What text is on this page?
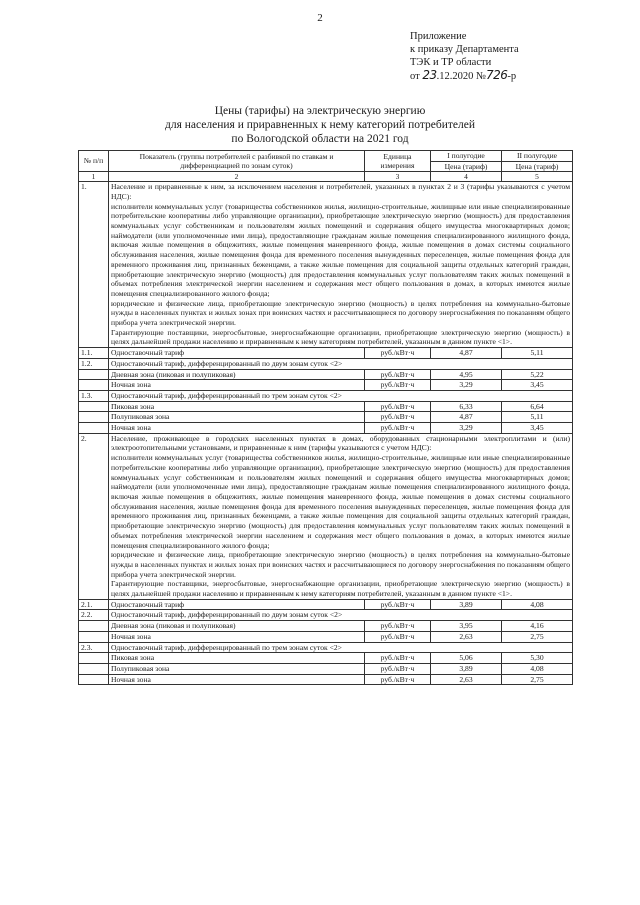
2
Приложение
к приказу Департамента
ТЭК и ТР области
от 23.12.2020 №726-р
Цены (тарифы) на электрическую энергию
для населения и приравненных к нему категорий потребителей
по Вологодской области на 2021 год
№ п/п	Показатель (группы потребителей с разбивкой по ставкам и дифференциацией по зонам суток)	Единица измерения	I полугодие	II полугодие
			Цена (тариф)	Цена (тариф)
1	2	3	4	5
1.	Население и приравненные к ним, за исключением населения и потребителей, указанных в пунктах 2 и 3 (тарифы указываются с учетом НДС):
исполнители коммунальных услуг (товарищества собственников жилья, жилищно-строительные, жилищные или иные специализированные потребительские кооперативы либо управляющие организации), приобретающие электрическую энергию (мощность) для предоставления коммунальных услуг собственникам и пользователям жилых помещений и содержания общего имущества многоквартирных домов; наймодатели (или уполномоченные ими лица), предоставляющие гражданам жилые помещения специализированного жилищного фонда, включая жилые помещения в общежитиях, жилые помещения маневренного фонда, жилые помещения в домах системы социального обслуживания населения, жилые помещения фонда для временного поселения вынужденных переселенцев, жилые помещения фонда для временного проживания лиц, признанных беженцами, а также жилые помещения для социальной защиты отдельных категорий граждан, приобретающие электрическую энергию (мощность) для предоставления коммунальных услуг пользователям таких жилых помещений в объемах потребления электрической энергии населением и содержания мест общего пользования в домах, в которых имеются жилые помещения специализированного жилого фонда;
юридические и физические лица, приобретающие электрическую энергию (мощность) в целях потребления на коммунально-бытовые нужды в населенных пунктах и жилых зонах при воинских частях и рассчитывающиеся по договору энергоснабжения по показаниям общего прибора учета электрической энергии.
Гарантирующие поставщики, энергосбытовые, энергоснабжающие организации, приобретающие электрическую энергию (мощность) в целях дальнейшей продажи населению и приравненным к нему категориям потребителей, указанным в данном пункте <1>.			

1.1.	Одноставочный тариф	руб./кВт·ч	4,87	5,11
1.2.	Одноставочный тариф, дифференцированный по двум зонам суток <2>			
	Дневная зона (пиковая и полупиковая)	руб./кВт·ч	4,95	5,22
	Ночная зона	руб./кВт·ч	3,29	3,45
1.3.	Одноставочный тариф, дифференцированный по трем зонам суток <2>			
	Пиковая зона	руб./кВт·ч	6,33	6,64
	Полупиковая зона	руб./кВт·ч	4,87	5,11
	Ночная зона	руб./кВт·ч	3,29	3,45
2.	Население, проживающее в городских населенных пунктах в домах, оборудованных стационарными электроплитами и (или) электроотопительными установками, и приравненные к ним (тарифы указываются с учетом НДС):
исполнители коммунальных услуг (товарищества собственников жилья, жилищно-строительные, жилищные или иные специализированные потребительские кооперативы либо управляющие организации), приобретающие электрическую энергию (мощность) для предоставления коммунальных услуг собственникам и пользователям жилых помещений и содержания общего имущества многоквартирных домов; наймодатели (или уполномоченные ими лица), предоставляющие гражданам жилые помещения специализированного жилищного фонда, включая жилые помещения в общежитиях, жилые помещения маневренного фонда, жилые помещения в домах системы социального обслуживания населения, жилые помещения фонда для временного поселения вынужденных переселенцев, жилые помещения фонда для временного проживания лиц, признанных беженцами, а также жилые помещения для социальной защиты отдельных категорий граждан, приобретающие электрическую энергию (мощность) для предоставления коммунальных услуг пользователям таких жилых помещений в объемах потребления электрической энергии населением и содержания мест общего пользования в домах, в которых имеются жилые помещения специализированного жилого фонда;
юридические и физические лица, приобретающие электрическую энергию (мощность) в целях потребления на коммунально-бытовые нужды в населенных пунктах и жилых зонах при воинских частях и рассчитывающиеся по договору энергоснабжения по показаниям общего прибора учета электрической энергии.
Гарантирующие поставщики, энергосбытовые, энергоснабжающие организации, приобретающие электрическую энергию (мощность) в целях дальнейшей продажи населению и приравненным к нему категориям потребителей, указанным в данном пункте <1>.			

2.1.	Одноставочный тариф	руб./кВт·ч	3,89	4,08
2.2.	Одноставочный тариф, дифференцированный по двум зонам суток <2>			
	Дневная зона (пиковая и полупиковая)	руб./кВт·ч	3,95	4,16
	Ночная зона	руб./кВт·ч	2,63	2,75
2.3.	Одноставочный тариф, дифференцированный по трем зонам суток <2>			
	Пиковая зона	руб./кВт·ч	5,06	5,30
	Полупиковая зона	руб./кВт·ч	3,89	4,08
	Ночная зона	руб./кВт·ч	2,63	2,75
